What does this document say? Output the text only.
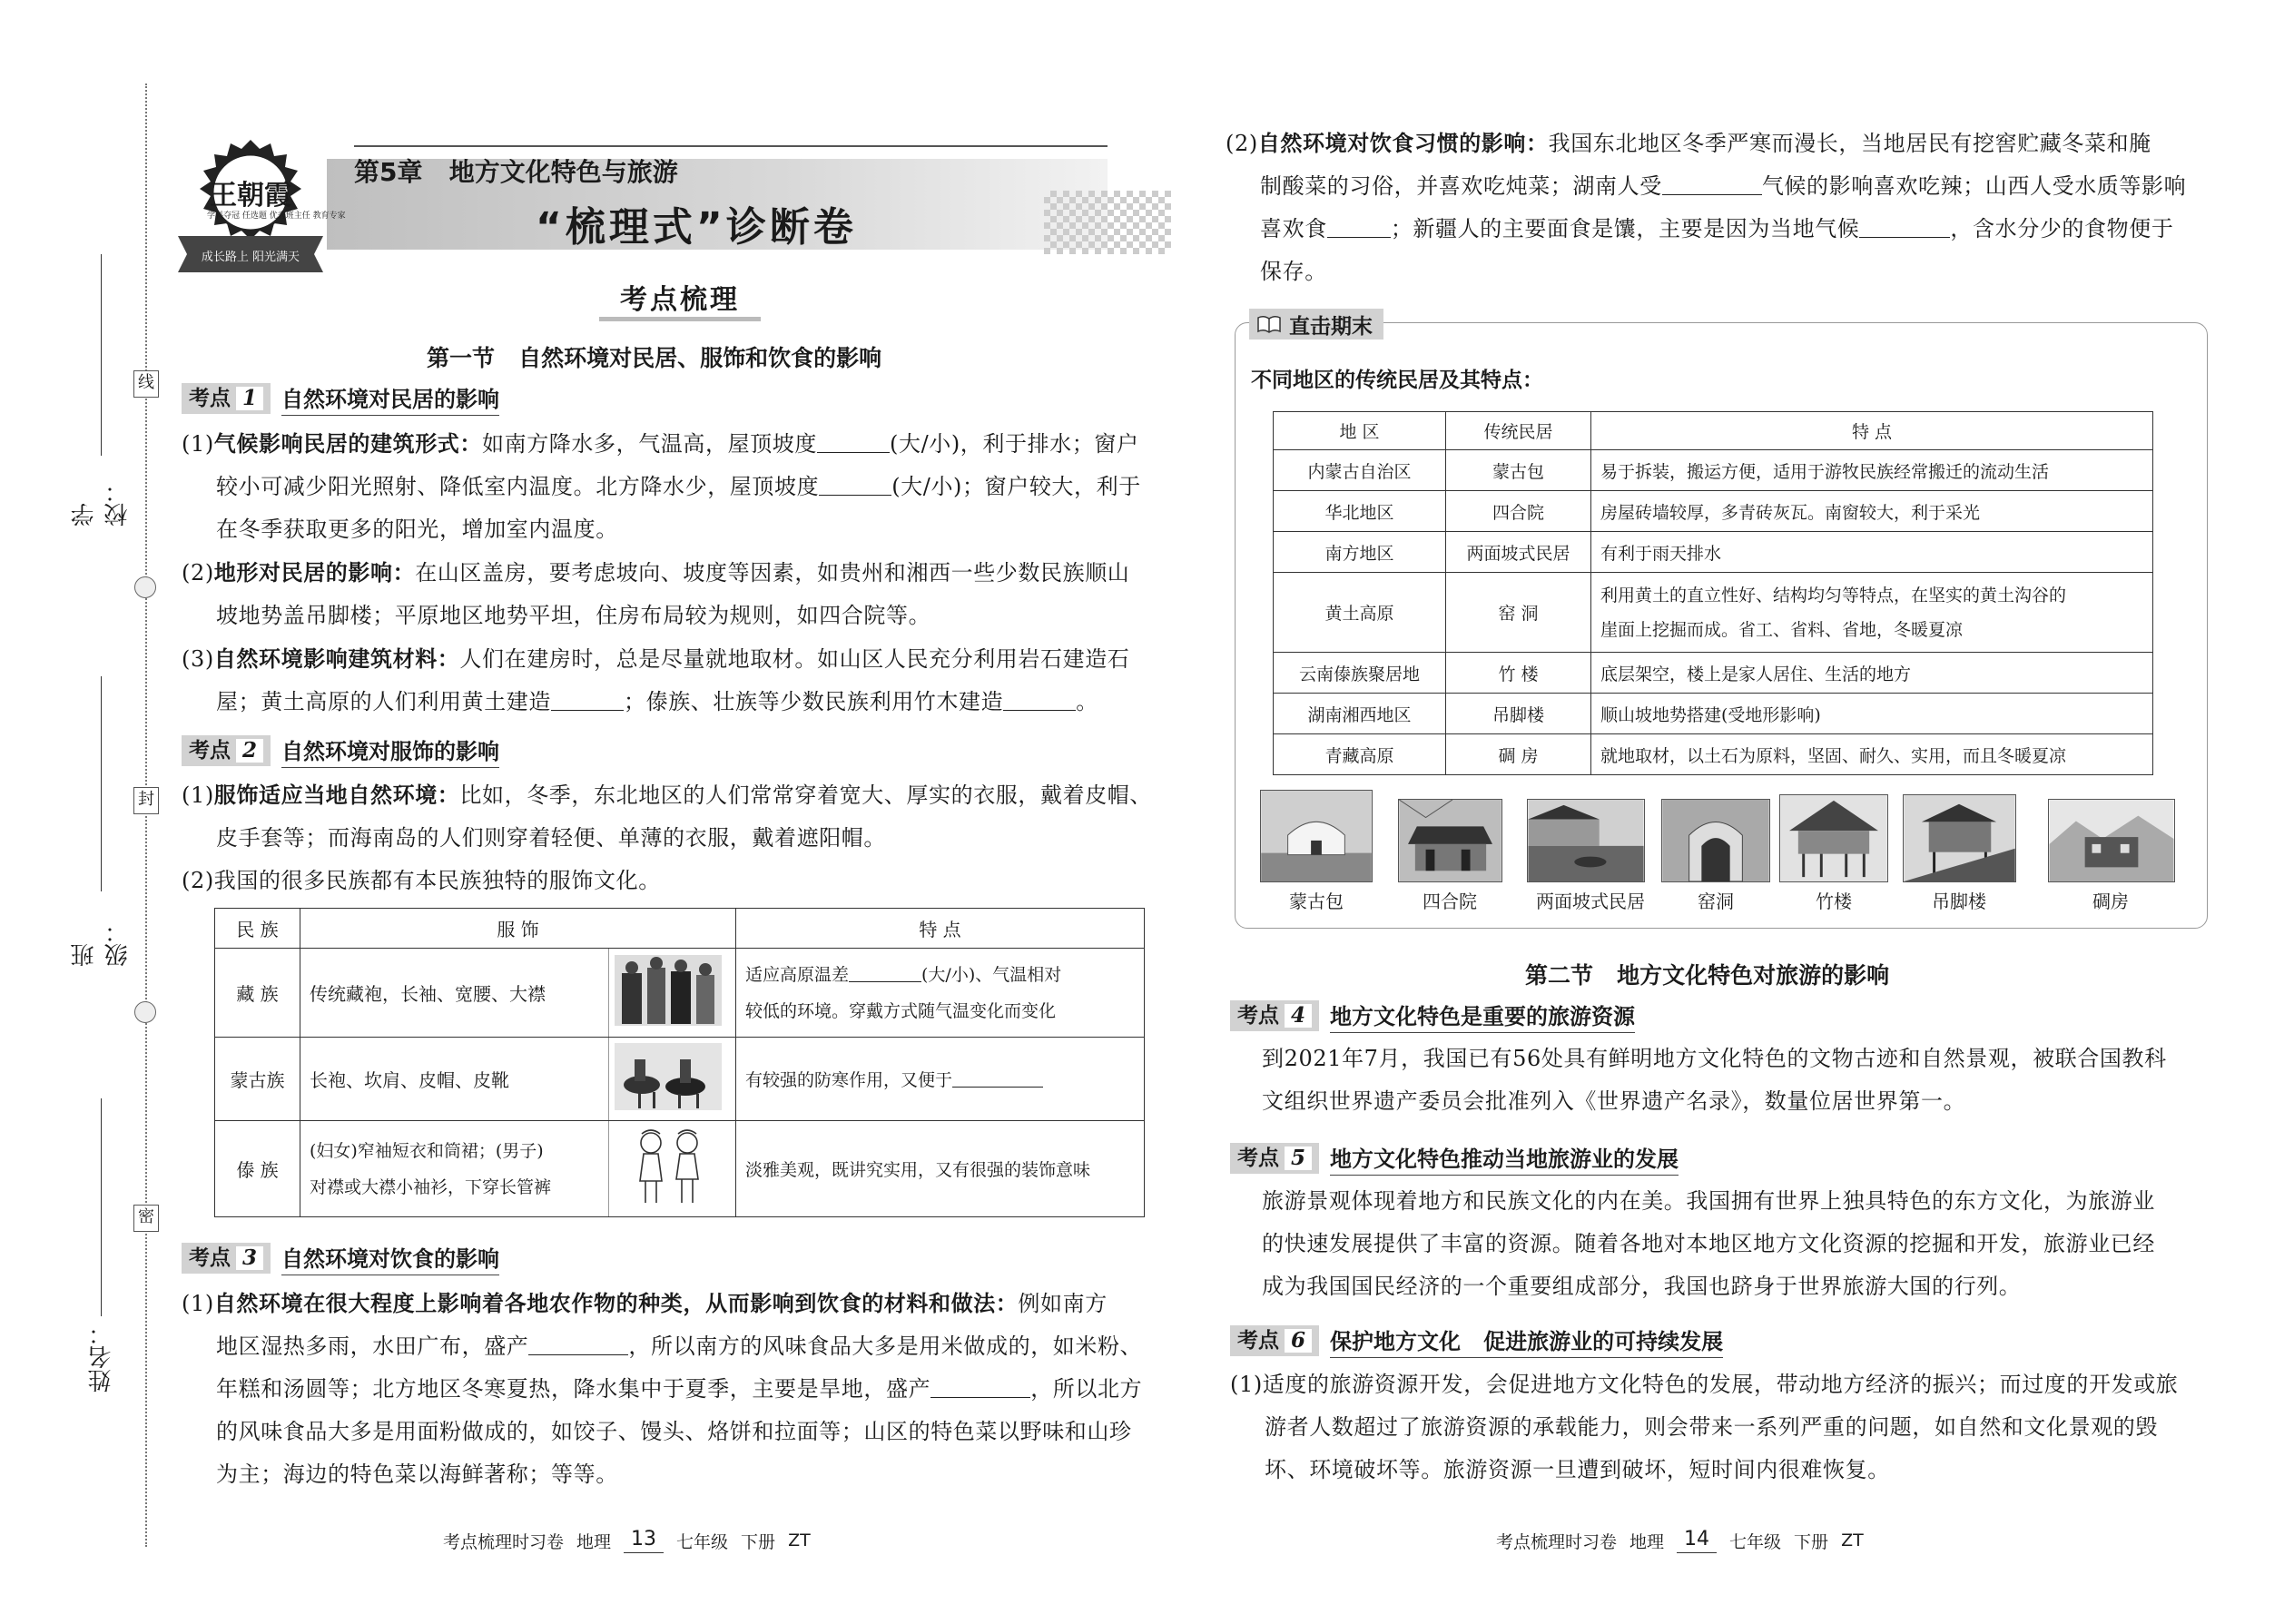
线
封
密
学校：
班级：
姓名：
王朝霞
学科夺冠 任选题 优秀班主任 教育专家
成长路上 阳光满天
第5章   地方文化特色与旅游
“梳理式”诊断卷
考点梳理
第一节   自然环境对民居、服饰和饮食的影响
考点 1 自然环境对民居的影响
(1)气候影响民居的建筑形式：如南方降水多，气温高，屋顶坡度	(大/小)，利于排水；窗户
较小可减少阳光照射、降低室内温度。北方降水少，屋顶坡度	(大/小)；窗户较大，利于
在冬季获取更多的阳光，增加室内温度。
(2)地形对民居的影响：在山区盖房，要考虑坡向、坡度等因素，如贵州和湘西一些少数民族顺山
坡地势盖吊脚楼；平原地区地势平坦，住房布局较为规则，如四合院等。
(3)自然环境影响建筑材料：人们在建房时，总是尽量就地取材。如山区人民充分利用岩石建造石
屋；黄土高原的人们利用黄土建造	；傣族、壮族等少数民族利用竹木建造	。
考点 2 自然环境对服饰的影响
(1)服饰适应当地自然环境：比如，冬季，东北地区的人们常常穿着宽大、厚实的衣服，戴着皮帽、
皮手套等；而海南岛的人们则穿着轻便、单薄的衣服，戴着遮阳帽。
(2)我国的很多民族都有本民族独特的服饰文化。
民 族	服 饰		特 点
藏 族	传统藏袍，长袖、宽腰、大襟		适应高原温差 (大/小)、气温相对
较低的环境。穿戴方式随气温变化而变化

蒙古族	长袍、坎肩、皮帽、皮靴		有较强的防寒作用，又便于
傣 族	(妇女)窄袖短衣和筒裙；(男子)
对襟或大襟小袖衫，下穿长管裤		淡雅美观，既讲究实用，又有很强的装饰意味
考点 3 自然环境对饮食的影响
(1)自然环境在很大程度上影响着各地农作物的种类，从而影响到饮食的材料和做法：例如南方
地区湿热多雨，水田广布，盛产	，所以南方的风味食品大多是用米做成的，如米粉、
年糕和汤圆等；北方地区冬寒夏热，降水集中于夏季，主要是旱地，盛产	，所以北方
的风味食品大多是用面粉做成的，如饺子、馒头、烙饼和拉面等；山区的特色菜以野味和山珍
为主；海边的特色菜以海鲜著称；等等。
考点梳理时习卷 地理	13	七年级 下册 ZT
(2)自然环境对饮食习惯的影响：我国东北地区冬季严寒而漫长，当地居民有挖窖贮藏冬菜和腌
制酸菜的习俗，并喜欢吃炖菜；湖南人受	气候的影响喜欢吃辣；山西人受水质等影响
喜欢食	；新疆人的主要面食是馕，主要是因为当地气候	，含水分少的食物便于
保存。
直击期末
不同地区的传统民居及其特点：
地 区	传统民居	特 点
内蒙古自治区	蒙古包	易于拆装，搬运方便，适用于游牧民族经常搬迁的流动生活
华北地区	四合院	房屋砖墙较厚，多青砖灰瓦。南窗较大，利于采光
南方地区	两面坡式民居	有利于雨天排水
黄土高原	窑 洞	利用黄土的直立性好、结构均匀等特点，在坚实的黄土沟谷的
崖面上挖掘而成。省工、省料、省地，冬暖夏凉

云南傣族聚居地	竹 楼	底层架空，楼上是家人居住、生活的地方
湖南湘西地区	吊脚楼	顺山坡地势搭建(受地形影响)
青藏高原	碉 房	就地取材，以土石为原料，坚固、耐久、实用，而且冬暖夏凉
蒙古包	四合院	两面坡式民居	窑洞	竹楼	吊脚楼	碉房
第二节   地方文化特色对旅游的影响
考点 4 地方文化特色是重要的旅游资源
到2021年7月，我国已有56处具有鲜明地方文化特色的文物古迹和自然景观，被联合国教科
文组织世界遗产委员会批准列入《世界遗产名录》，数量位居世界第一。
考点 5 地方文化特色推动当地旅游业的发展
旅游景观体现着地方和民族文化的内在美。我国拥有世界上独具特色的东方文化，为旅游业
的快速发展提供了丰富的资源。随着各地对本地区地方文化资源的挖掘和开发，旅游业已经
成为我国国民经济的一个重要组成部分，我国也跻身于世界旅游大国的行列。
考点 6 保护地方文化   促进旅游业的可持续发展
(1)适度的旅游资源开发，会促进地方文化特色的发展，带动地方经济的振兴；而过度的开发或旅
游者人数超过了旅游资源的承载能力，则会带来一系列严重的问题，如自然和文化景观的毁
坏、环境破坏等。旅游资源一旦遭到破坏，短时间内很难恢复。
考点梳理时习卷 地理	14	七年级 下册 ZT
